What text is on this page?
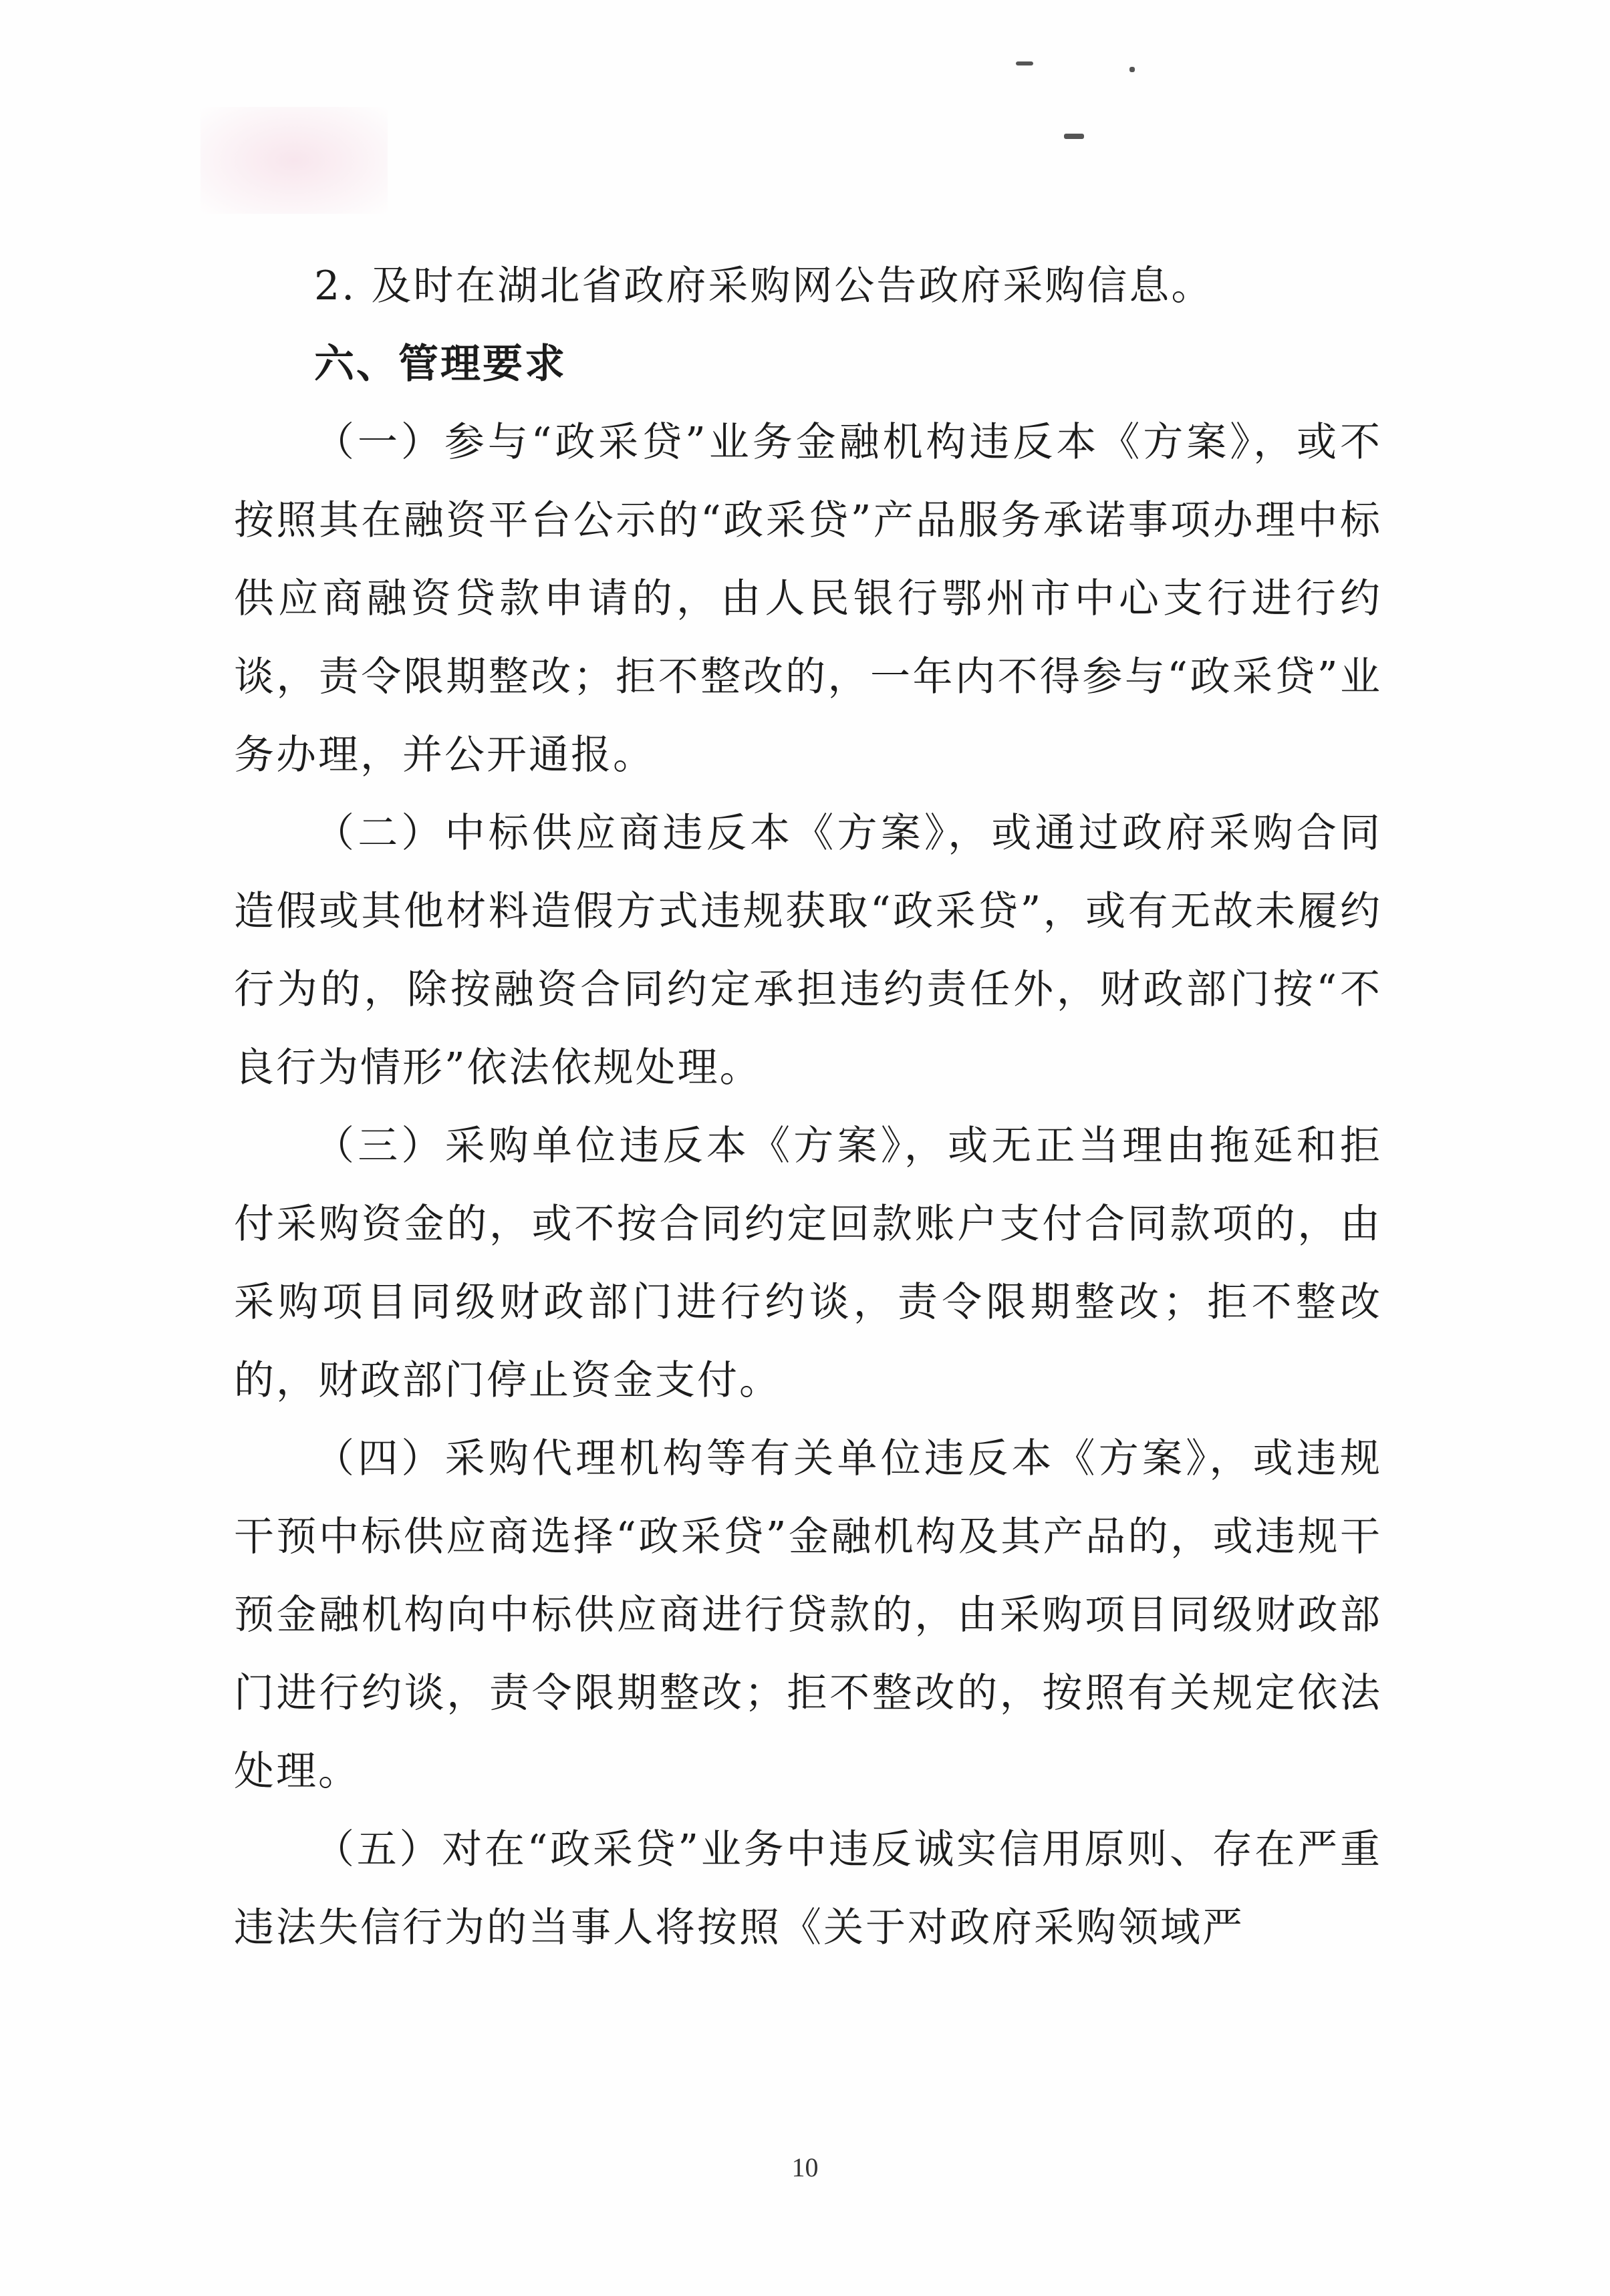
2. 及时在湖北省政府采购网公告政府采购信息。

六、管理要求

（一）参与“政采贷”业务金融机构违反本《方案》，或不按照其在融资平台公示的“政采贷”产品服务承诺事项办理中标供应商融资贷款申请的，由人民银行鄂州市中心支行进行约谈，责令限期整改；拒不整改的，一年内不得参与“政采贷”业务办理，并公开通报。

（二）中标供应商违反本《方案》，或通过政府采购合同造假或其他材料造假方式违规获取“政采贷”，或有无故未履约行为的，除按融资合同约定承担违约责任外，财政部门按“不良行为情形”依法依规处理。

（三）采购单位违反本《方案》，或无正当理由拖延和拒付采购资金的，或不按合同约定回款账户支付合同款项的，由采购项目同级财政部门进行约谈，责令限期整改；拒不整改的，财政部门停止资金支付。

（四）采购代理机构等有关单位违反本《方案》，或违规干预中标供应商选择“政采贷”金融机构及其产品的，或违规干预金融机构向中标供应商进行贷款的，由采购项目同级财政部门进行约谈，责令限期整改；拒不整改的，按照有关规定依法处理。

（五）对在“政采贷”业务中违反诚实信用原则、存在严重违法失信行为的当事人将按照《关于对政府采购领域严

10
